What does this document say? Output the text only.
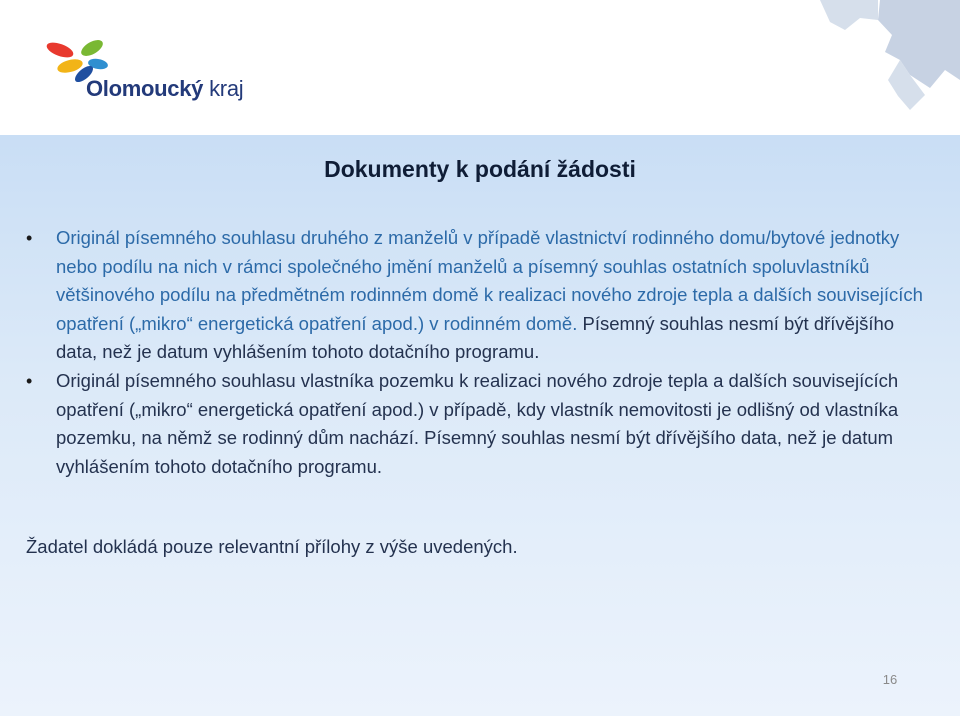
Olomoucký kraj
Dokumenty k podání žádosti
• Originál písemného souhlasu druhého z manželů v případě vlastnictví rodinného domu/bytové jednotky nebo podílu na nich v rámci společného jmění manželů a písemný souhlas ostatních spoluvlastníků většinového podílu na předmětném rodinném domě k realizaci nového zdroje tepla a dalších souvisejících opatření („mikro“ energetická opatření apod.) v rodinném domě. Písemný souhlas nesmí být dřívějšího data, než je datum vyhlášením tohoto dotačního programu.
• Originál písemného souhlasu vlastníka pozemku k realizaci nového zdroje tepla a dalších souvisejících opatření („mikro“ energetická opatření apod.) v případě, kdy vlastník nemovitosti je odlišný od vlastníka pozemku, na němž se rodinný dům nachází. Písemný souhlas nesmí být dřívějšího data, než je datum vyhlášením tohoto dotačního programu.
Žadatel dokládá pouze relevantní přílohy z výše uvedených.
16
